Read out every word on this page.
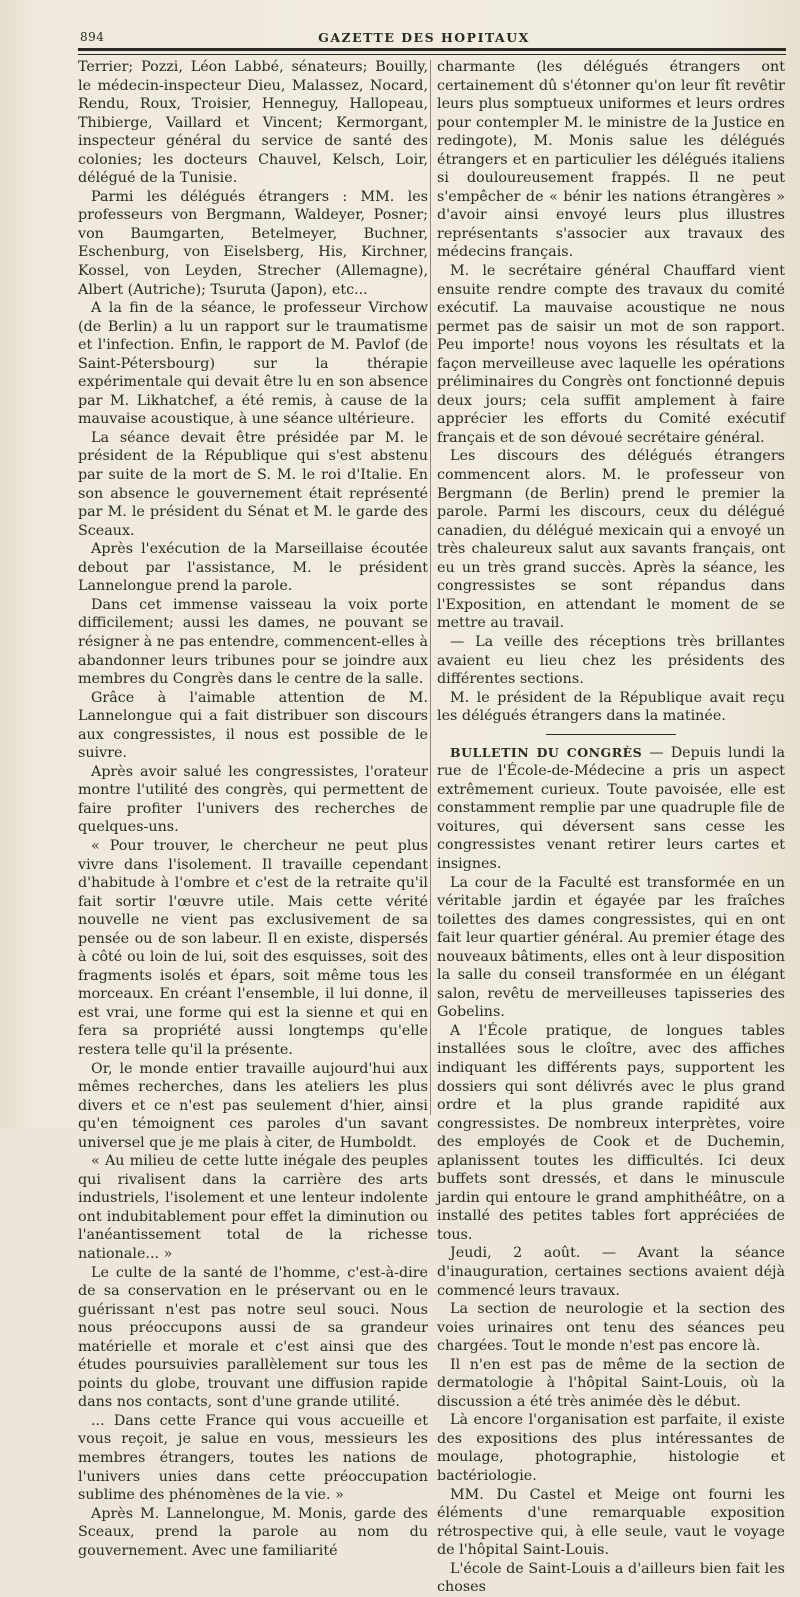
894	GAZETTE DES HOPITAUX

Terrier; Pozzi, Léon Labbé, sénateurs; Bouilly, le médecin-inspecteur Dieu, Malassez, Nocard, Rendu, Roux, Troisier, Henneguy, Hallopeau, Thibierge, Vaillard et Vincent; Kermorgant, inspecteur général du service de santé des colonies; les docteurs Chauvel, Kelsch, Loir, délégué de la Tunisie.

Parmi les délégués étrangers : MM. les professeurs von Bergmann, Waldeyer, Posner; von Baumgarten, Betelmeyer, Buchner, Eschenburg, von Eiselsberg, His, Kirchner, Kossel, von Leyden, Strecher (Allemagne), Albert (Autriche); Tsuruta (Japon), etc...

A la fin de la séance, le professeur Virchow (de Berlin) a lu un rapport sur le traumatisme et l'infection. Enfin, le rapport de M. Pavlof (de Saint-Pétersbourg) sur la thérapie expérimentale qui devait être lu en son absence par M. Likhatchef, a été remis, à cause de la mauvaise acoustique, à une séance ultérieure.

La séance devait être présidée par M. le président de la République qui s'est abstenu par suite de la mort de S. M. le roi d'Italie. En son absence le gouvernement était représenté par M. le président du Sénat et M. le garde des Sceaux.

Après l'exécution de la Marseillaise écoutée debout par l'assistance, M. le président Lannelongue prend la parole.

Dans cet immense vaisseau la voix porte difficilement; aussi les dames, ne pouvant se résigner à ne pas entendre, commencent-elles à abandonner leurs tribunes pour se joindre aux membres du Congrès dans le centre de la salle.

Grâce à l'aimable attention de M. Lannelongue qui a fait distribuer son discours aux congressistes, il nous est possible de le suivre.

Après avoir salué les congressistes, l'orateur montre l'utilité des congrès, qui permettent de faire profiter l'univers des recherches de quelques-uns.

« Pour trouver, le chercheur ne peut plus vivre dans l'isolement. Il travaille cependant d'habitude à l'ombre et c'est de la retraite qu'il fait sortir l'œuvre utile. Mais cette vérité nouvelle ne vient pas exclusivement de sa pensée ou de son labeur. Il en existe, dispersés à côté ou loin de lui, soit des esquisses, soit des fragments isolés et épars, soit même tous les morceaux. En créant l'ensemble, il lui donne, il est vrai, une forme qui est la sienne et qui en fera sa propriété aussi longtemps qu'elle restera telle qu'il la présente.

Or, le monde entier travaille aujourd'hui aux mêmes recherches, dans les ateliers les plus divers et ce n'est pas seulement d'hier, ainsi qu'en témoignent ces paroles d'un savant universel que je me plais à citer, de Humboldt.

« Au milieu de cette lutte inégale des peuples qui rivalisent dans la carrière des arts industriels, l'isolement et une lenteur indolente ont indubitablement pour effet la diminution ou l'anéantissement total de la richesse nationale... »

Le culte de la santé de l'homme, c'est-à-dire de sa conservation en le préservant ou en le guérissant n'est pas notre seul souci. Nous nous préoccupons aussi de sa grandeur matérielle et morale et c'est ainsi que des études poursuivies parallèlement sur tous les points du globe, trouvant une diffusion rapide dans nos contacts, sont d'une grande utilité.

... Dans cette France qui vous accueille et vous reçoit, je salue en vous, messieurs les membres étrangers, toutes les nations de l'univers unies dans cette préoccupation sublime des phénomènes de la vie. »

Après M. Lannelongue, M. Monis, garde des Sceaux, prend la parole au nom du gouvernement. Avec une familiarité

charmante (les délégués étrangers ont certainement dû s'étonner qu'on leur fît revêtir leurs plus somptueux uniformes et leurs ordres pour contempler M. le ministre de la Justice en redingote), M. Monis salue les délégués étrangers et en particulier les délégués italiens si douloureusement frappés. Il ne peut s'empêcher de « bénir les nations étrangères » d'avoir ainsi envoyé leurs plus illustres représentants s'associer aux travaux des médecins français.

M. le secrétaire général Chauffard vient ensuite rendre compte des travaux du comité exécutif. La mauvaise acoustique ne nous permet pas de saisir un mot de son rapport. Peu importe! nous voyons les résultats et la façon merveilleuse avec laquelle les opérations préliminaires du Congrès ont fonctionné depuis deux jours; cela suffit amplement à faire apprécier les efforts du Comité exécutif français et de son dévoué secrétaire général.

Les discours des délégués étrangers commencent alors. M. le professeur von Bergmann (de Berlin) prend le premier la parole. Parmi les discours, ceux du délégué canadien, du délégué mexicain qui a envoyé un très chaleureux salut aux savants français, ont eu un très grand succès. Après la séance, les congressistes se sont répandus dans l'Exposition, en attendant le moment de se mettre au travail.

— La veille des réceptions très brillantes avaient eu lieu chez les présidents des différentes sections.

M. le président de la République avait reçu les délégués étrangers dans la matinée.

BULLETIN DU CONGRÈS — Depuis lundi la rue de l'École-de-Médecine a pris un aspect extrêmement curieux. Toute pavoisée, elle est constamment remplie par une quadruple file de voitures, qui déversent sans cesse les congressistes venant retirer leurs cartes et insignes.

La cour de la Faculté est transformée en un véritable jardin et égayée par les fraîches toilettes des dames congressistes, qui en ont fait leur quartier général. Au premier étage des nouveaux bâtiments, elles ont à leur disposition la salle du conseil transformée en un élégant salon, revêtu de merveilleuses tapisseries des Gobelins.

A l'École pratique, de longues tables installées sous le cloître, avec des affiches indiquant les différents pays, supportent les dossiers qui sont délivrés avec le plus grand ordre et la plus grande rapidité aux congressistes. De nombreux interprètes, voire des employés de Cook et de Duchemin, aplanissent toutes les difficultés. Ici deux buffets sont dressés, et dans le minuscule jardin qui entoure le grand amphithéâtre, on a installé des petites tables fort appréciées de tous.

Jeudi, 2 août. — Avant la séance d'inauguration, certaines sections avaient déjà commencé leurs travaux.

La section de neurologie et la section des voies urinaires ont tenu des séances peu chargées. Tout le monde n'est pas encore là.

Il n'en est pas de même de la section de dermatologie à l'hôpital Saint-Louis, où la discussion a été très animée dès le début.

Là encore l'organisation est parfaite, il existe des expositions des plus intéressantes de moulage, photographie, histologie et bactériologie.

MM. Du Castel et Meige ont fourni les éléments d'une remarquable exposition rétrospective qui, à elle seule, vaut le voyage de l'hôpital Saint-Louis.

L'école de Saint-Louis a d'ailleurs bien fait les choses
